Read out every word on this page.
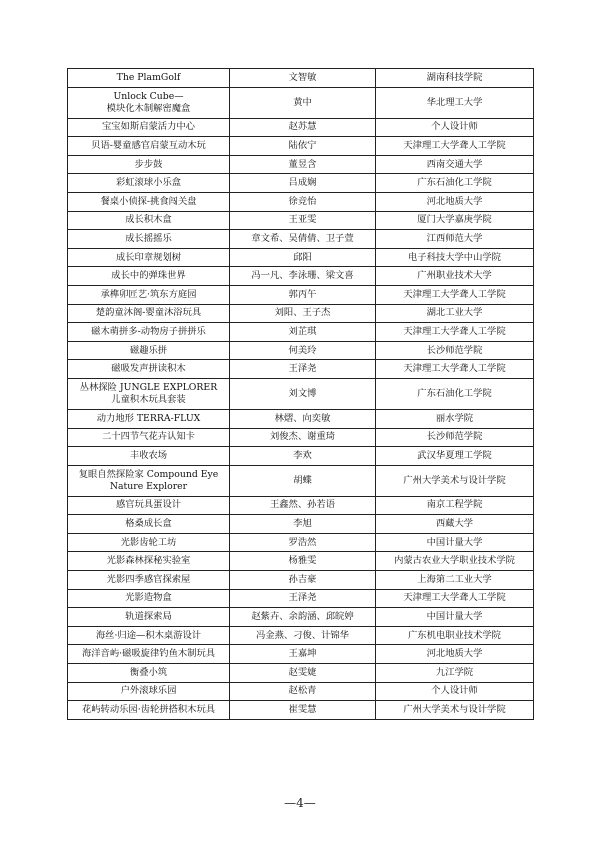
The PlamGolf	文智敏	湖南科技学院
Unlock Cube—
模块化木制解密魔盒	黄中	华北理工大学
宝宝如斯启蒙活力中心	赵苏慧	个人设计师
贝语-婴童感官启蒙互动木玩	陆依宁	天津理工大学聋人工学院
步步鼓	董昱含	西南交通大学
彩虹滚球小乐盒	吕成娴	广东石油化工学院
餐桌小侦探-挑食闯关盘	徐竞怡	河北地质大学
成长积木盒	王亚雯	厦门大学嘉庚学院
成长摇摇乐	章文希、吴倩倩、卫子萱	江西师范大学
成长印章规划树	邱阳	电子科技大学中山学院
成长中的弹珠世界	冯一凡、李泳珊、梁文喜	广州职业技术大学
承榫卯匠艺·筑东方庭园	郭丙午	天津理工大学聋人工学院
楚韵童沐阁-婴童沐浴玩具	刘阳、王子杰	湖北工业大学
磁木萌拼多-动物房子拼拼乐	刘芷琪	天津理工大学聋人工学院
磁趣乐拼	何美玲	长沙师范学院
磁吸发声拼读积木	王泽尧	天津理工大学聋人工学院
丛林探险 JUNGLE EXPLORER
儿童积木玩具套装	刘文博	广东石油化工学院
动力地形 TERRA-FLUX	林熠、向奕敏	丽水学院
二十四节气花卉认知卡	刘俊杰、谢重琦	长沙师范学院
丰收农场	李欢	武汉华夏理工学院
复眼自然探险家 Compound Eye
Nature Explorer	胡蝶	广州大学美术与设计学院
感官玩具蛋设计	王鑫然、孙若语	南京工程学院
格桑成长盒	李旭	西藏大学
光影齿轮工坊	罗浩然	中国计量大学
光影森林探秘实验室	杨雅雯	内蒙古农业大学职业技术学院
光影四季感官探索屋	孙吉豪	上海第二工业大学
光影造物盒	王泽尧	天津理工大学聋人工学院
轨道探索局	赵紫卉、余韵涵、邱皖婷	中国计量大学
海丝·归途—积木桌游设计	冯金燕、刁俊、计锦华	广东机电职业技术学院
海洋音屿·磁吸旋律钓鱼木制玩具	王嘉坤	河北地质大学
衡叠小筑	赵雯婕	九江学院
户外滚球乐园	赵松青	个人设计师
花屿转动乐园·齿轮拼搭积木玩具	崔雯慧	广州大学美术与设计学院
—4—
